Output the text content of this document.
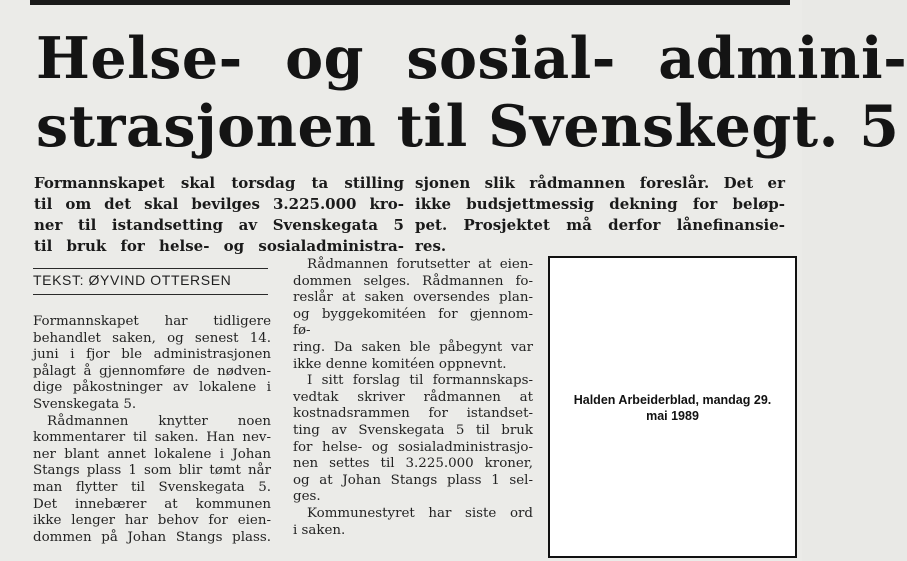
Helse- og sosial- admini-
strasjonen til Svenskegt. 5

Formannskapet skal torsdag ta stilling
til om det skal bevilges 3.225.000 kro-
ner til istandsetting av Svenskegata 5
til bruk for helse- og sosialadministra-

sjonen slik rådmannen foreslår. Det er
ikke budsjettmessig dekning for beløp-
pet. Prosjektet må derfor lånefinansie-
res.

TEKST: ØYVIND OTTERSEN

Formannskapet har tidligere
behandlet saken, og senest 14.
juni i fjor ble administrasjonen
pålagt å gjennomføre de nødven-
dige påkostninger av lokalene i
Svenskegata 5.
Rådmannen knytter noen
kommentarer til saken. Han nev-
ner blant annet lokalene i Johan
Stangs plass 1 som blir tømt når
man flytter til Svenskegata 5.
Det innebærer at kommunen
ikke lenger har behov for eien-
dommen på Johan Stangs plass.

Rådmannen forutsetter at eien-
dommen selges. Rådmannen fo-
reslår at saken oversendes plan-
og byggekomitéen for gjennom-
fø-
ring. Da saken ble påbegynt var
ikke denne komitéen oppnevnt.
I sitt forslag til formannskaps-
vedtak skriver rådmannen at
kostnadsrammen for istandset-
ting av Svenskegata 5 til bruk
for helse- og sosialadministrasjo-
nen settes til 3.225.000 kroner,
og at Johan Stangs plass 1 sel-
ges.
Kommunestyret har siste ord
i saken.

Halden Arbeiderblad, mandag 29.
mai 1989
